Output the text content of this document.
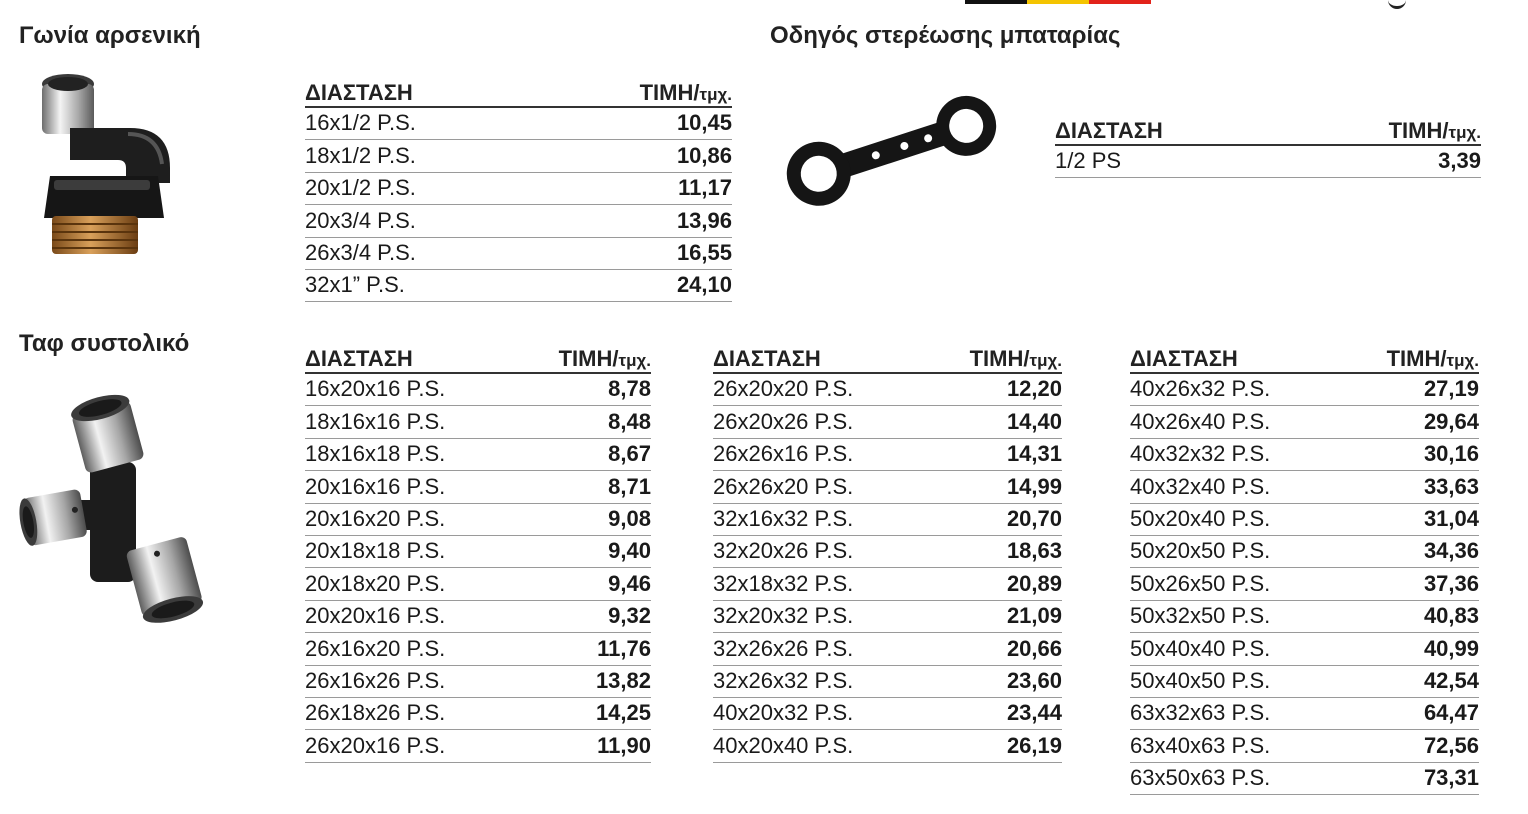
Γωνία αρσενική
ΔΙΑΣΤΑΣΗ	ΤΙΜΗ/τμχ.
16x1/2 P.S.	10,45
18x1/2 P.S.	10,86
20x1/2 P.S.	11,17
20x3/4 P.S.	13,96
26x3/4 P.S.	16,55
32x1” P.S.	24,10
Οδηγός στερέωσης μπαταρίας
ΔΙΑΣΤΑΣΗ	ΤΙΜΗ/τμχ.
1/2 PS	3,39
Ταφ συστολικό
ΔΙΑΣΤΑΣΗ	ΤΙΜΗ/τμχ.
16x20x16 P.S.	8,78
18x16x16 P.S.	8,48
18x16x18 P.S.	8,67
20x16x16 P.S.	8,71
20x16x20 P.S.	9,08
20x18x18 P.S.	9,40
20x18x20 P.S.	9,46
20x20x16 P.S.	9,32
26x16x20 P.S.	11,76
26x16x26 P.S.	13,82
26x18x26 P.S.	14,25
26x20x16 P.S.	11,90
ΔΙΑΣΤΑΣΗ	ΤΙΜΗ/τμχ.
26x20x20 P.S.	12,20
26x20x26 P.S.	14,40
26x26x16 P.S.	14,31
26x26x20 P.S.	14,99
32x16x32 P.S.	20,70
32x20x26 P.S.	18,63
32x18x32 P.S.	20,89
32x20x32 P.S.	21,09
32x26x26 P.S.	20,66
32x26x32 P.S.	23,60
40x20x32 P.S.	23,44
40x20x40 P.S.	26,19
ΔΙΑΣΤΑΣΗ	ΤΙΜΗ/τμχ.
40x26x32 P.S.	27,19
40x26x40 P.S.	29,64
40x32x32 P.S.	30,16
40x32x40 P.S.	33,63
50x20x40 P.S.	31,04
50x20x50 P.S.	34,36
50x26x50 P.S.	37,36
50x32x50 P.S.	40,83
50x40x40 P.S.	40,99
50x40x50 P.S.	42,54
63x32x63 P.S.	64,47
63x40x63 P.S.	72,56
63x50x63 P.S.	73,31
